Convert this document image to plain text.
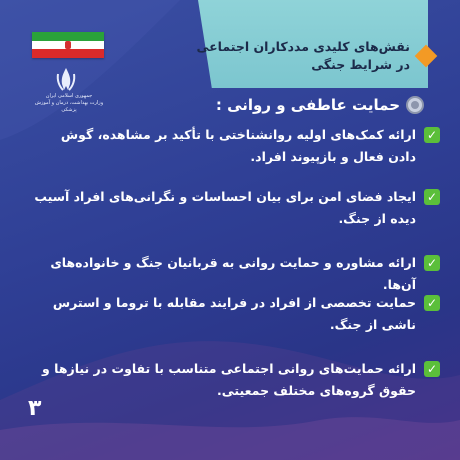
نقش‌های کلیدی مددکاران اجتماعی در شرایط جنگی
جمهوری اسلامی ایران
وزارت بهداشت، درمان و آموزش پزشکی	حمایت عاطفی و روانی :
✓
ارائه کمک‌های اولیه روانشناختی با تأکید بر مشاهده، گوش دادن فعال و بازپیوند افراد.
✓
ایجاد فضای امن برای بیان احساسات و نگرانی‌های افراد آسیب دیده از جنگ.
✓
ارائه مشاوره و حمایت روانی به قربانیان جنگ و خانواده‌های آن‌ها.
✓
حمایت تخصصی از افراد در فرایند مقابله با تروما و استرس ناشی از جنگ.
✓
ارائه حمایت‌های روانی اجتماعی متناسب با تفاوت در نیازها و حقوق گروه‌های مختلف جمعیتی.
۳
